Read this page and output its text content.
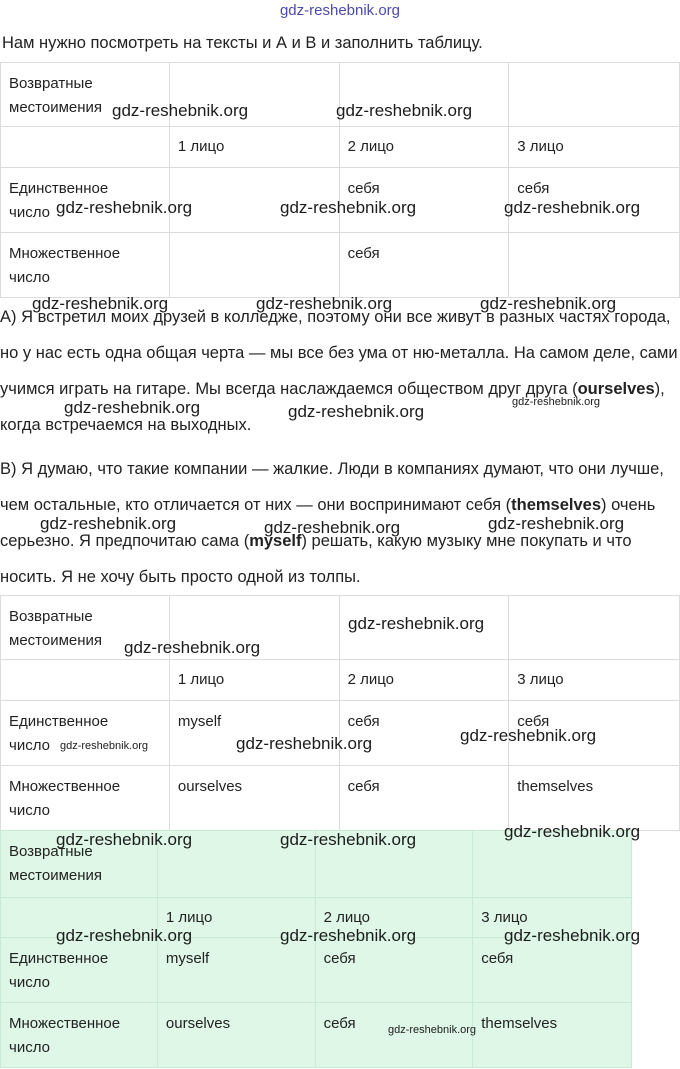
gdz-reshebnik.org

Нам нужно посмотреть на тексты и А и В и заполнить таблицу.

Возвратные
местоимения			
	1 лицо	2 лицо	3 лицо
Единственное
число		себя	себя
Множественное
число		себя	

А) Я встретил моих друзей в колледже, поэтому они все живут в разных частях города, но у нас есть одна общая черта — мы все без ума от ню-металла. На самом деле, сами учимся играть на гитаре. Мы всегда наслаждаемся обществом друг друга (ourselves), когда встречаемся на выходных.

В) Я думаю, что такие компании — жалкие. Люди в компаниях думают, что они лучше, чем остальные, кто отличается от них — они воспринимают себя (themselves) очень серьезно. Я предпочитаю сама (myself) решать, какую музыку мне покупать и что носить. Я не хочу быть просто одной из толпы.

Возвратные
местоимения			
	1 лицо	2 лицо	3 лицо
Единственное
число	myself	себя	себя
Множественное
число	ourselves	себя	themselves
Возвратные
местоимения			
	1 лицо	2 лицо	3 лицо
Единственное
число	myself	себя	себя
Множественное
число	ourselves	себя	themselves
gdz-reshebnik.org	gdz-reshebnik.org
gdz-reshebnik.org	gdz-reshebnik.org	gdz-reshebnik.org
gdz-reshebnik.org	gdz-reshebnik.org	gdz-reshebnik.org
gdz-reshebnik.org	gdz-reshebnik.org	gdz-reshebnik.org
gdz-reshebnik.org	gdz-reshebnik.org	gdz-reshebnik.org
gdz-reshebnik.org
gdz-reshebnik.org
gdz-reshebnik.org	gdz-reshebnik.org	gdz-reshebnik.org
gdz-reshebnik.org
gdz-reshebnik.org	gdz-reshebnik.org
gdz-reshebnik.org	gdz-reshebnik.org	gdz-reshebnik.org
gdz-reshebnik.org
